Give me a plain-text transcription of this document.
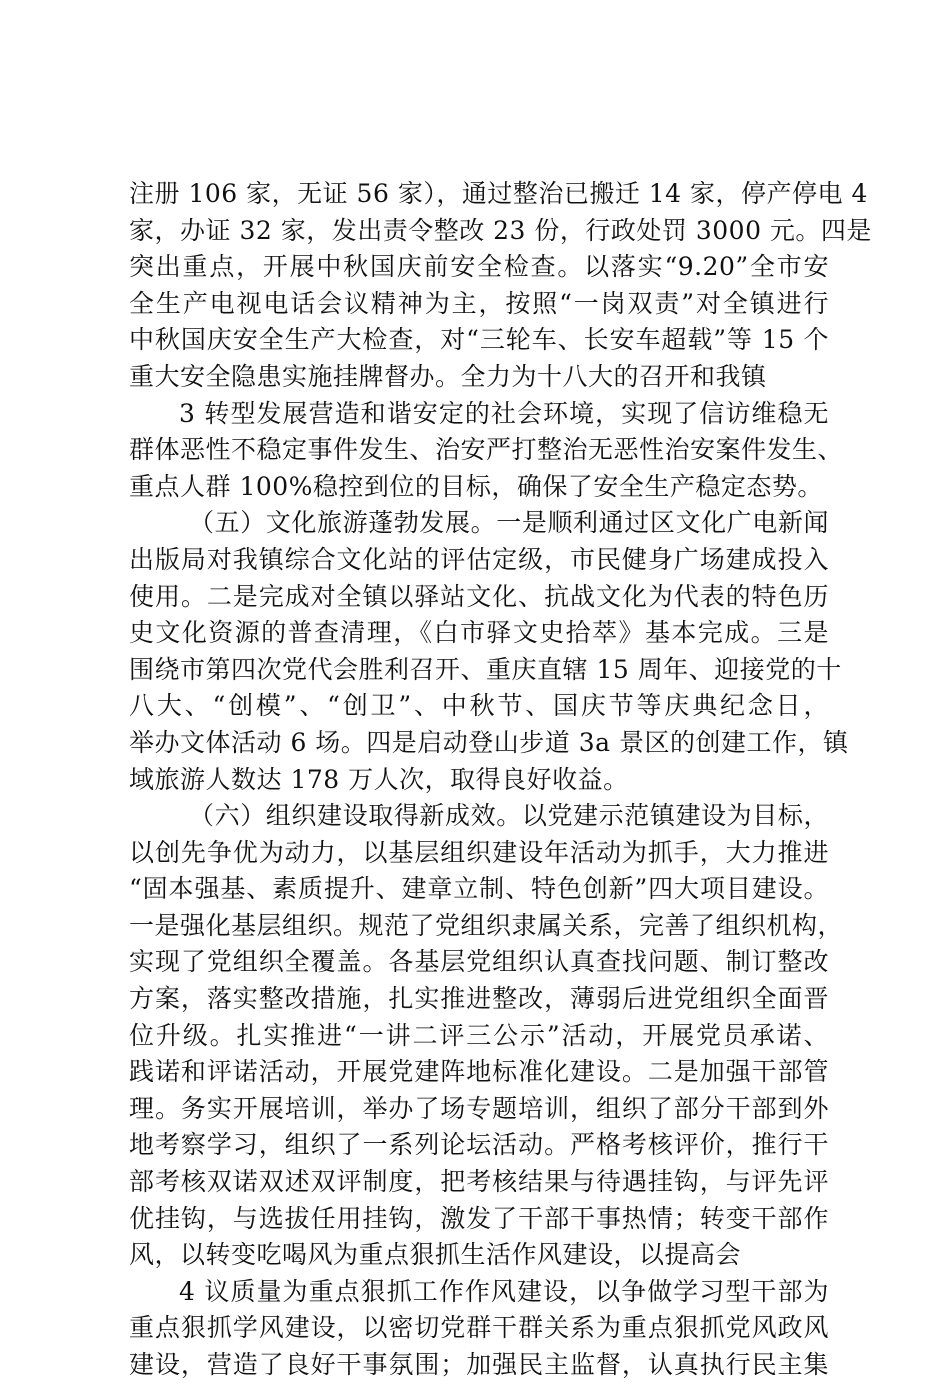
注册 106 家，无证 56 家），通过整治已搬迁 14 家，停产停电 4
家，办证 32 家，发出责令整改 23 份，行政处罚 3000 元。四是
突出重点，开展中秋国庆前安全检查。以落实“9.20”全市安
全生产电视电话会议精神为主，按照“一岗双责”对全镇进行
中秋国庆安全生产大检查，对“三轮车、长安车超载”等 15 个
重大安全隐患实施挂牌督办。全力为十八大的召开和我镇
3 转型发展营造和谐安定的社会环境，实现了信访维稳无
群体恶性不稳定事件发生、治安严打整治无恶性治安案件发生、
重点人群 100%稳控到位的目标，确保了安全生产稳定态势。
（五）文化旅游蓬勃发展。一是顺利通过区文化广电新闻
出版局对我镇综合文化站的评估定级，市民健身广场建成投入
使用。二是完成对全镇以驿站文化、抗战文化为代表的特色历
史文化资源的普查清理，《白市驿文史拾萃》基本完成。三是
围绕市第四次党代会胜利召开、重庆直辖 15 周年、迎接党的十
八大、“创模”、“创卫”、中秋节、国庆节等庆典纪念日，
举办文体活动 6 场。四是启动登山步道 3a 景区的创建工作，镇
域旅游人数达 178 万人次，取得良好收益。
（六）组织建设取得新成效。以党建示范镇建设为目标，
以创先争优为动力，以基层组织建设年活动为抓手，大力推进
“固本强基、素质提升、建章立制、特色创新”四大项目建设。
一是强化基层组织。规范了党组织隶属关系，完善了组织机构，
实现了党组织全覆盖。各基层党组织认真查找问题、制订整改
方案，落实整改措施，扎实推进整改，薄弱后进党组织全面晋
位升级。扎实推进“一讲二评三公示”活动，开展党员承诺、
践诺和评诺活动，开展党建阵地标准化建设。二是加强干部管
理。务实开展培训，举办了场专题培训，组织了部分干部到外
地考察学习，组织了一系列论坛活动。严格考核评价，推行干
部考核双诺双述双评制度，把考核结果与待遇挂钩，与评先评
优挂钩，与选拔任用挂钩，激发了干部干事热情；转变干部作
风，以转变吃喝风为重点狠抓生活作风建设，以提高会
4 议质量为重点狠抓工作作风建设，以争做学习型干部为
重点狠抓学风建设，以密切党群干群关系为重点狠抓党风政风
建设，营造了良好干事氛围；加强民主监督，认真执行民主集
